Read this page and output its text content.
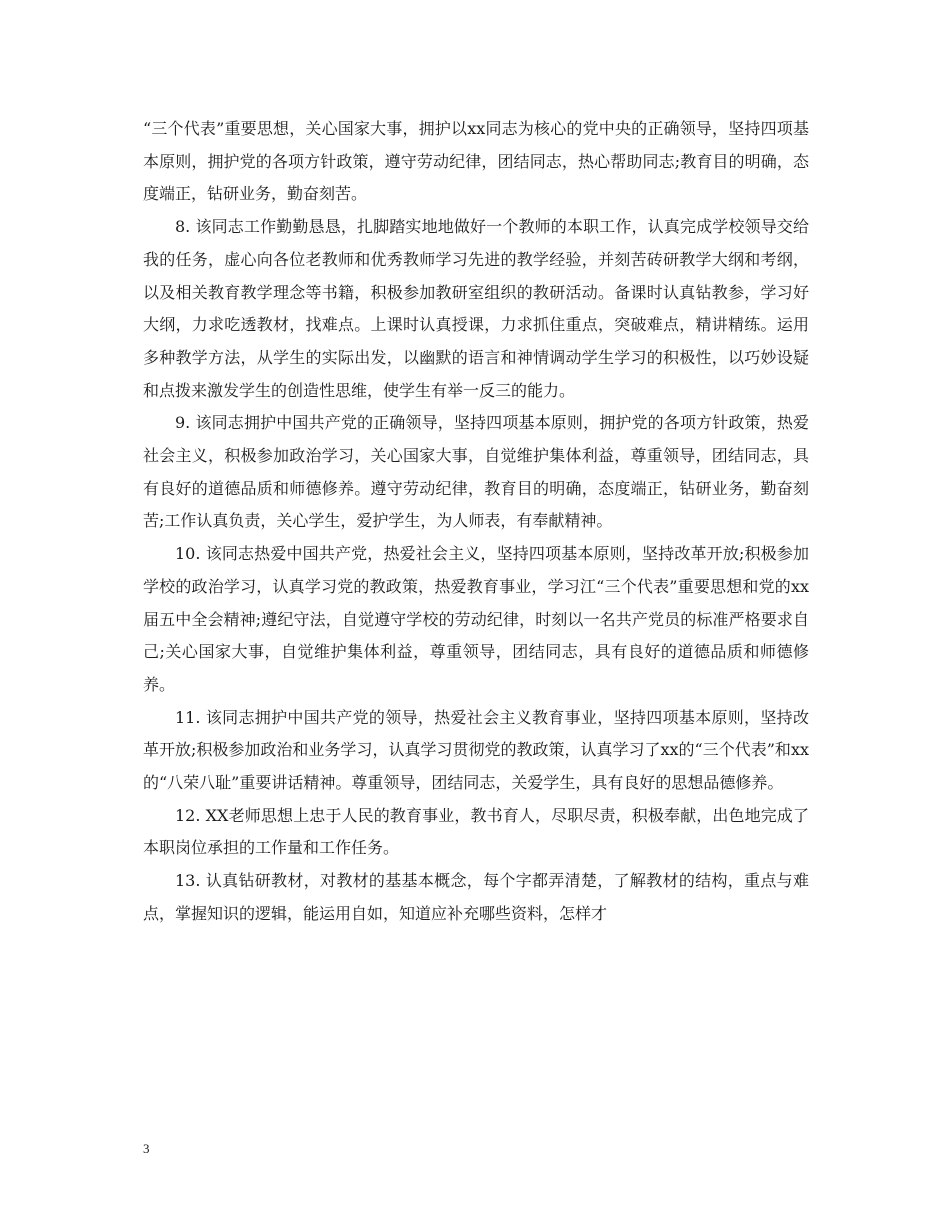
“三个代表”重要思想，关心国家大事，拥护以xx同志为核心的党中央的正确领导，坚持四项基本原则，拥护党的各项方针政策，遵守劳动纪律，团结同志，热心帮助同志;教育目的明确，态度端正，钻研业务，勤奋刻苦。

8. 该同志工作勤勤恳恳，扎脚踏实地地做好一个教师的本职工作，认真完成学校领导交给我的任务，虚心向各位老教师和优秀教师学习先进的教学经验，并刻苦砖研教学大纲和考纲，以及相关教育教学理念等书籍，积极参加教研室组织的教研活动。备课时认真钻教参，学习好大纲，力求吃透教材，找难点。上课时认真授课，力求抓住重点，突破难点，精讲精练。运用多种教学方法，从学生的实际出发，以幽默的语言和神情调动学生学习的积极性，以巧妙设疑和点拨来激发学生的创造性思维，使学生有举一反三的能力。

9. 该同志拥护中国共产党的正确领导，坚持四项基本原则，拥护党的各项方针政策，热爱社会主义，积极参加政治学习，关心国家大事，自觉维护集体利益，尊重领导，团结同志，具有良好的道德品质和师德修养。遵守劳动纪律，教育目的明确，态度端正，钻研业务，勤奋刻苦;工作认真负责，关心学生，爱护学生，为人师表，有奉献精神。

10. 该同志热爱中国共产党，热爱社会主义，坚持四项基本原则，坚持改革开放;积极参加学校的政治学习，认真学习党的教政策，热爱教育事业，学习江“三个代表”重要思想和党的xx届五中全会精神;遵纪守法，自觉遵守学校的劳动纪律，时刻以一名共产党员的标准严格要求自己;关心国家大事，自觉维护集体利益，尊重领导，团结同志，具有良好的道德品质和师德修养。

11. 该同志拥护中国共产党的领导，热爱社会主义教育事业，坚持四项基本原则，坚持改革开放;积极参加政治和业务学习，认真学习贯彻党的教政策，认真学习了xx的“三个代表”和xx的“八荣八耻”重要讲话精神。尊重领导，团结同志，关爱学生，具有良好的思想品德修养。

12. XX老师思想上忠于人民的教育事业，教书育人，尽职尽责，积极奉献，出色地完成了本职岗位承担的工作量和工作任务。

13. 认真钻研教材，对教材的基基本概念，每个字都弄清楚，了解教材的结构，重点与难点，掌握知识的逻辑，能运用自如，知道应补充哪些资料，怎样才

3
